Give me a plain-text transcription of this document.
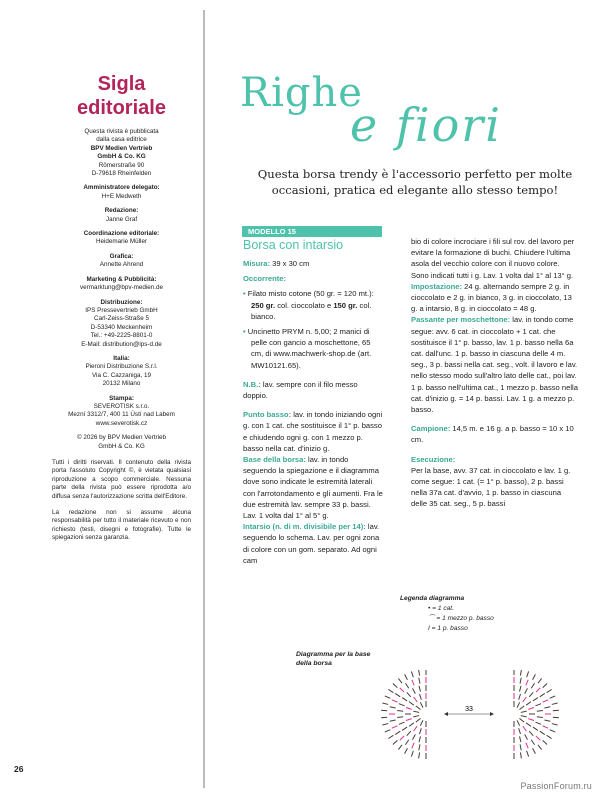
Sigla
editoriale
Questa rivista è pubblicata
dalla casa editrice
BPV Medien Vertrieb
GmbH & Co. KG
Römerstraße 90
D-79618 Rheinfelden
Amministratore delegato:
H+E Medweth
Redazione:
Janne Graf
Coordinazione editoriale:
Heidemarie Müller
Grafica:
Annette Ahrend
Marketing & Pubblicità:
vermarktung@bpv-medien.de
Distribuzione:
IPS Pressevertrieb GmbH
Carl-Zeiss-Straße 5
D-53340 Meckenheim
Tel.: +49-2225-8801-0
E-Mail: distribution@ips-d.de
Italia:
Pieroni Distribuzione S.r.l.
Via C. Cazzaniga, 19
20132 Milano
Stampa:
SEVEROTISK s.r.o.
Mezní 3312/7, 400 11 Ústí nad Labem
www.severotisk.cz
© 2026 by BPV Medien Vertrieb
GmbH & Co. KG

Tutti i diritti riservati. Il contenuto della rivista porta l'assoluto Copyright ©, è vietata qualsiasi riproduzione a scopo commerciale. Nessuna parte della rivista può essere riprodotta a/o diffusa senza l'autorizzazione scritta dell'Editore.

La redazione non si assume alcuna responsabilità per tutto il materiale ricevuto e non richiesto (testi, disegni e fotografie). Tutte le spiegazioni senza garanzia.

Righe
e fiori

Questa borsa trendy è l'accessorio perfetto per molte occasioni, pratica ed elegante allo stesso tempo!

MODELLO 15
Borsa con intarsio

Misura: 39 x 30 cm

Occorrente:

• Filato misto cotone (50 gr. = 120 mt.): 250 gr. col. cioccolato e 150 gr. col. bianco.

• Uncinetto PRYM n. 5,00; 2 manici di pelle con gancio a moschettone, 65 cm, di www.machwerk-shop.de (art. MW10121.65).

N.B.: lav. sempre con il filo messo doppio.

Punto basso: lav. in tondo iniziando ogni g. con 1 cat. che sostituisce il 1° p. basso e chiudendo ogni g. con 1 mezzo p. basso nella cat. d'inizio g.

Base della borsa: lav. in tondo seguendo la spiegazione e il diagramma dove sono indicate le estremità laterali con l'arrotondamento e gli aumenti. Fra le due estremità lav. sempre 33 p. bassi. Lav. 1 volta dal 1° al 5° g.

Intarsio (n. di m. divisibile per 14): lav. seguendo lo schema. Lav. per ogni zona di colore con un gom. separato. Ad ogni cam

bio di colore incrociare i fili sul rov. del lavoro per evitare la formazione di buchi. Chiudere l'ultima asola del vecchio colore con il nuovo colore. Sono indicati tutti i g. Lav. 1 volta dal 1° al 13° g.

Impostazione: 24 g. alternando sempre 2 g. in cioccolato e 2 g. in bianco, 3 g. in cioccolato, 13 g. a intarsio, 8 g. in cioccolato = 48 g.

Passante per moschettone: lav. in tondo come segue: avv. 6 cat. in cioccolato + 1 cat. che sostituisce il 1° p. basso, lav. 1 p. basso nella 6a cat. dall'unc. 1 p. basso in ciascuna delle 4 m. seg., 3 p. bassi nella cat. seg., volt. il lavoro e lav. nello stesso modo sull'altro lato delle cat., poi lav. 1 p. basso nell'ultima cat., 1 mezzo p. basso nella cat. d'inizio g. = 14 p. bassi. Lav. 1 g. a mezzo p. basso.

Campione: 14,5 m. e 16 g. a p. basso = 10 x 10 cm.

Esecuzione:

Per la base, avv. 37 cat. in cioccolato e lav. 1 g. come segue: 1 cat. (= 1° p. basso), 2 p. bassi nella 37a cat. d'avvio, 1 p. basso in ciascuna delle 35 cat. seg., 5 p. bassi

Legenda diagramma
• = 1 cat.
⌒ = 1 mezzo p. basso
I = 1 p. basso
Diagramma per la base della borsa
33
26
PassionForum.ru
